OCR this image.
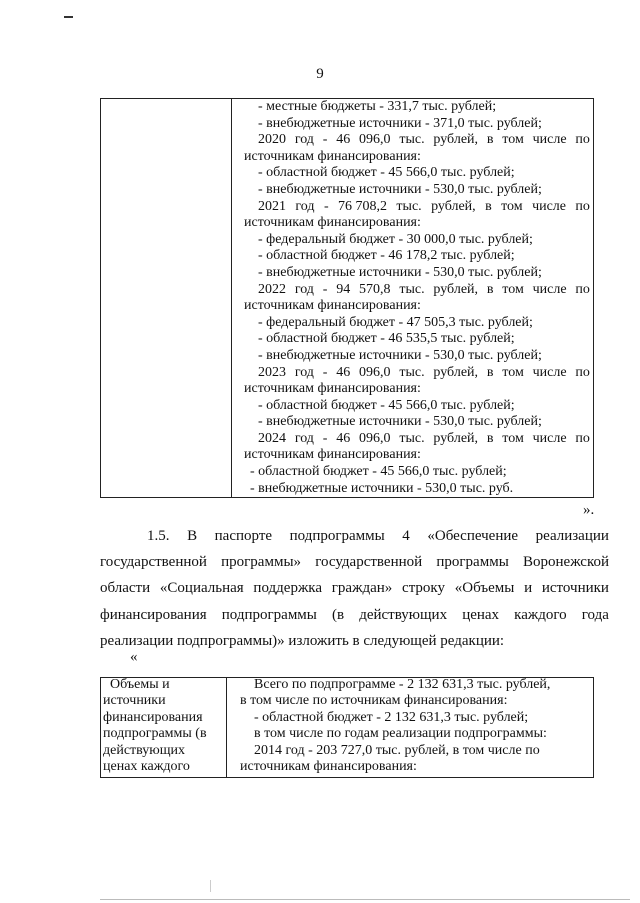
9
- местные бюджеты - 331,7 тыс. рублей;
- внебюджетные источники - 371,0 тыс. рублей;
2020 год - 46 096,0 тыс. рублей, в том числе по
источникам финансирования:
- областной бюджет - 45 566,0 тыс. рублей;
- внебюджетные источники - 530,0 тыс. рублей;
2021 год - 76 708,2 тыс. рублей, в том числе по
источникам финансирования:
- федеральный бюджет - 30 000,0 тыс. рублей;
- областной бюджет - 46 178,2 тыс. рублей;
- внебюджетные источники - 530,0 тыс. рублей;
2022 год - 94 570,8 тыс. рублей, в том числе по
источникам финансирования:
- федеральный бюджет - 47 505,3 тыс. рублей;
- областной бюджет - 46 535,5 тыс. рублей;
- внебюджетные источники - 530,0 тыс. рублей;
2023 год - 46 096,0 тыс. рублей, в том числе по
источникам финансирования:
- областной бюджет - 45 566,0 тыс. рублей;
- внебюджетные источники - 530,0 тыс. рублей;
2024 год - 46 096,0 тыс. рублей, в том числе по
источникам финансирования:
- областной бюджет - 45 566,0 тыс. рублей;
- внебюджетные источники - 530,0 тыс. руб.
».
1.5. В паспорте подпрограммы 4 «Обеспечение реализации
государственной программы» государственной программы Воронежской
области «Социальная поддержка граждан» строку «Объемы и источники
финансирования подпрограммы (в действующих ценах каждого года
реализации подпрограммы)» изложить в следующей редакции:
«
Объемы и
источники
финансирования
подпрограммы (в
действующих
ценах каждого
Всего по подпрограмме - 2 132 631,3 тыс. рублей,
в том числе по источникам финансирования:
- областной бюджет - 2 132 631,3 тыс. рублей;
в том числе по годам реализации подпрограммы:
2014 год - 203 727,0 тыс. рублей, в том числе по
источникам финансирования:
